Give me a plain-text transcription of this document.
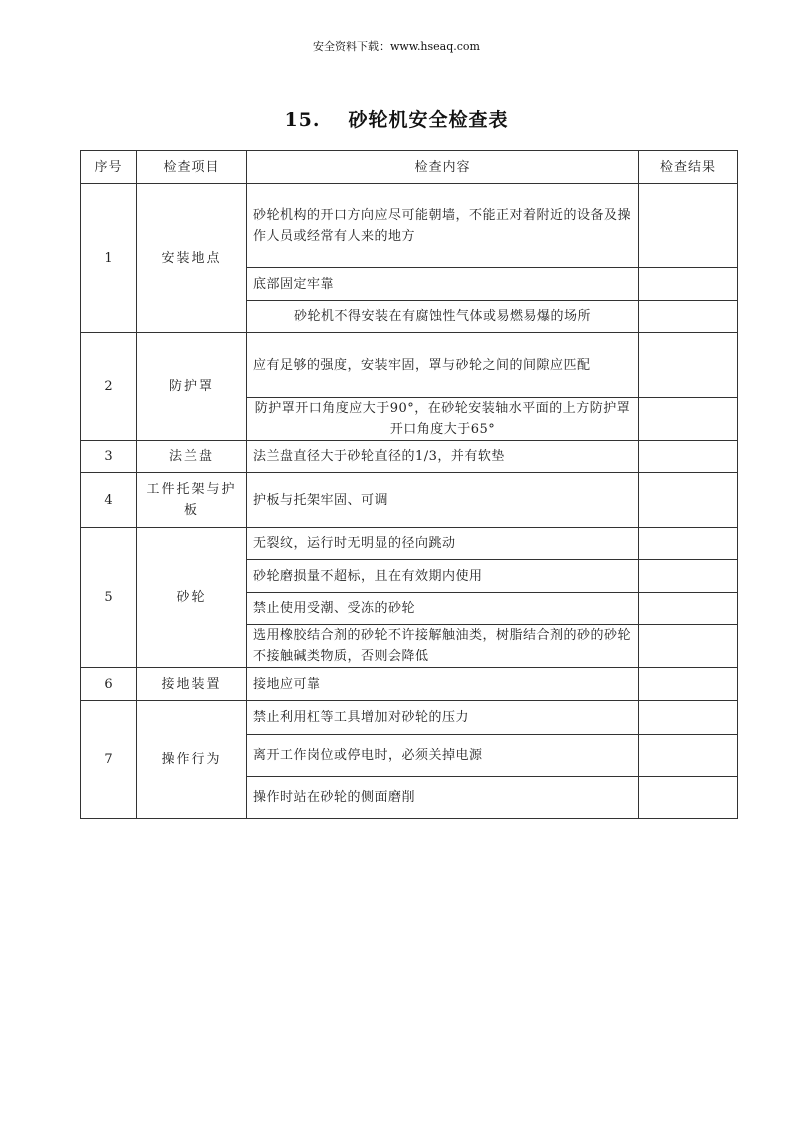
安全资料下载：www.hseaq.com
15. 砂轮机安全检查表
序号	检查项目	检查内容	检查结果
1	安装地点	砂轮机构的开口方向应尽可能朝墙，不能正对着附近的设备及操作人员或经常有人来的地方	
		底部固定牢靠	
		砂轮机不得安装在有腐蚀性气体或易燃易爆的场所	
2	防护罩	应有足够的强度，安装牢固，罩与砂轮之间的间隙应匹配	
		防护罩开口角度应大于90°，在砂轮安装轴水平面的上方防护罩开口角度大于65°	
3	法兰盘	法兰盘直径大于砂轮直径的1/3，并有软垫	
4	工件托架与护板	护板与托架牢固、可调	
5	砂轮	无裂纹，运行时无明显的径向跳动	
		砂轮磨损量不超标，且在有效期内使用	
		禁止使用受潮、受冻的砂轮	
		选用橡胶结合剂的砂轮不许接解触油类，树脂结合剂的砂的砂轮不接触碱类物质，否则会降低	
6	接地装置	接地应可靠	
7	操作行为	禁止利用杠等工具增加对砂轮的压力	
		离开工作岗位或停电时，必须关掉电源	
		操作时站在砂轮的侧面磨削	
